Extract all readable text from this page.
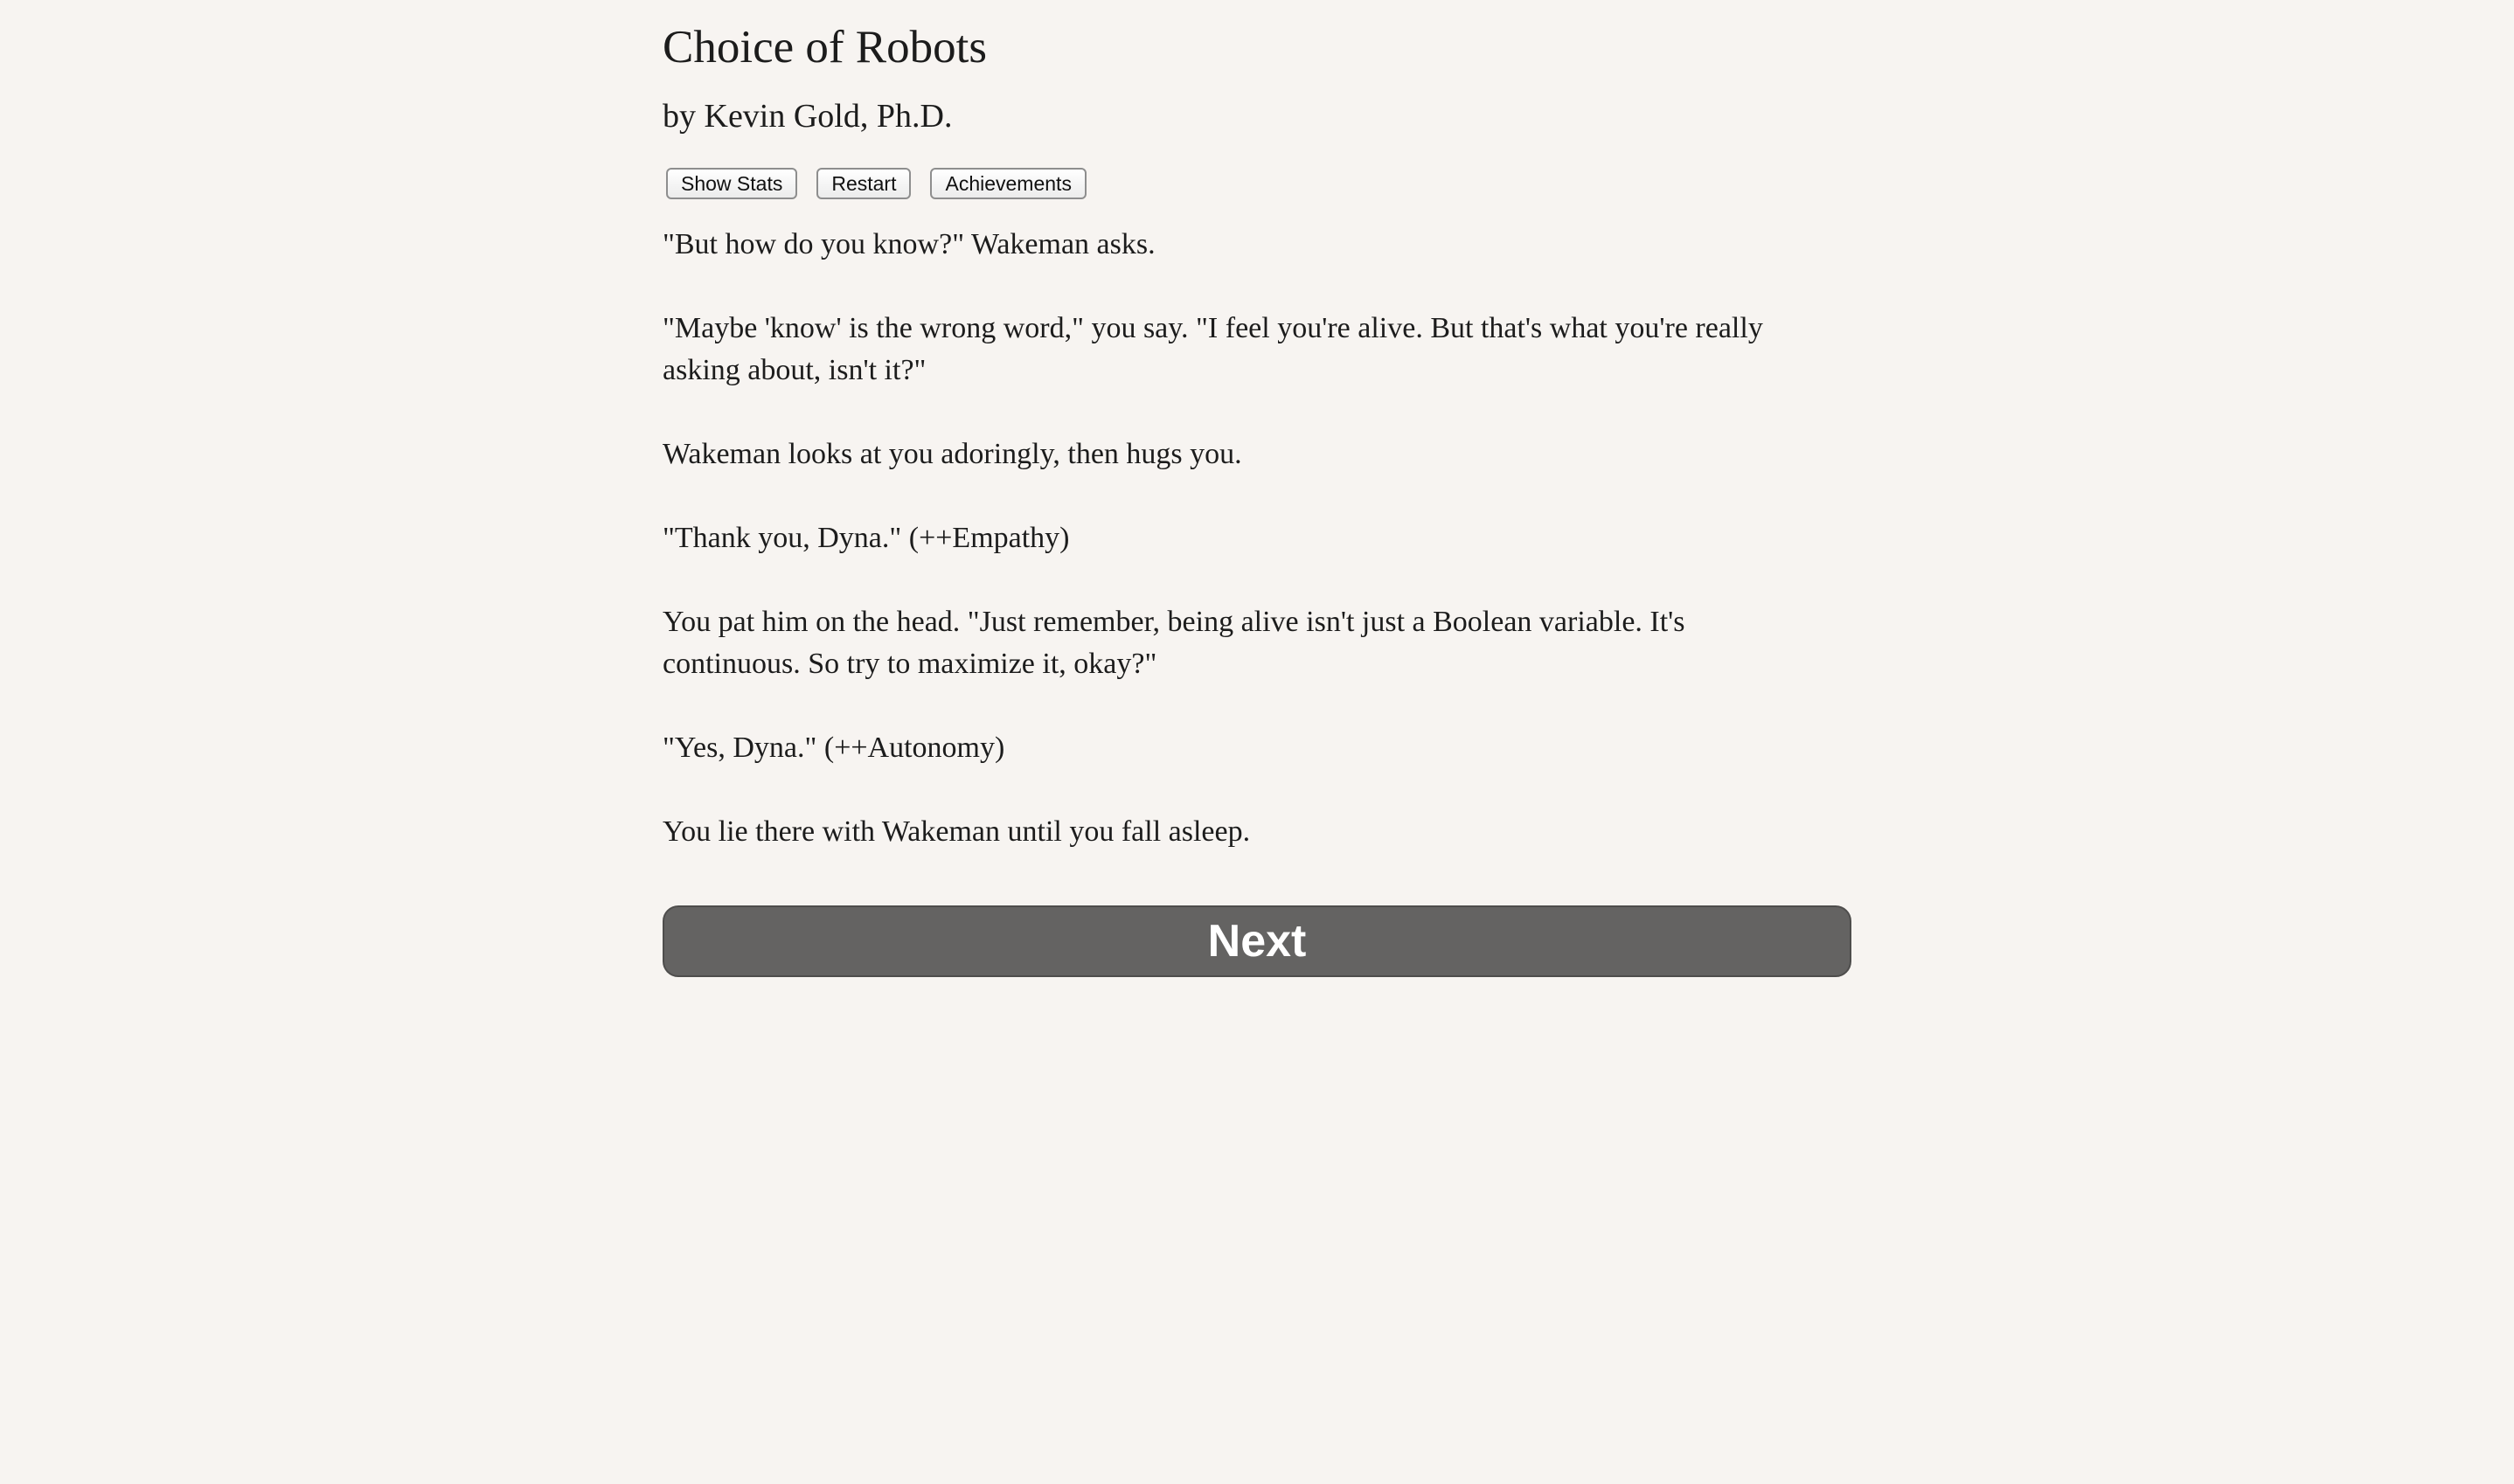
Choice of Robots

by Kevin Gold, Ph.D.

Show Stats	Restart	Achievements

"But how do you know?" Wakeman asks.

"Maybe 'know' is the wrong word," you say. "I feel you're alive. But that's what you're really asking about, isn't it?"

Wakeman looks at you adoringly, then hugs you.

"Thank you, Dyna." (++Empathy)

You pat him on the head. "Just remember, being alive isn't just a Boolean variable. It's continuous. So try to maximize it, okay?"

"Yes, Dyna." (++Autonomy)

You lie there with Wakeman until you fall asleep.

Next
